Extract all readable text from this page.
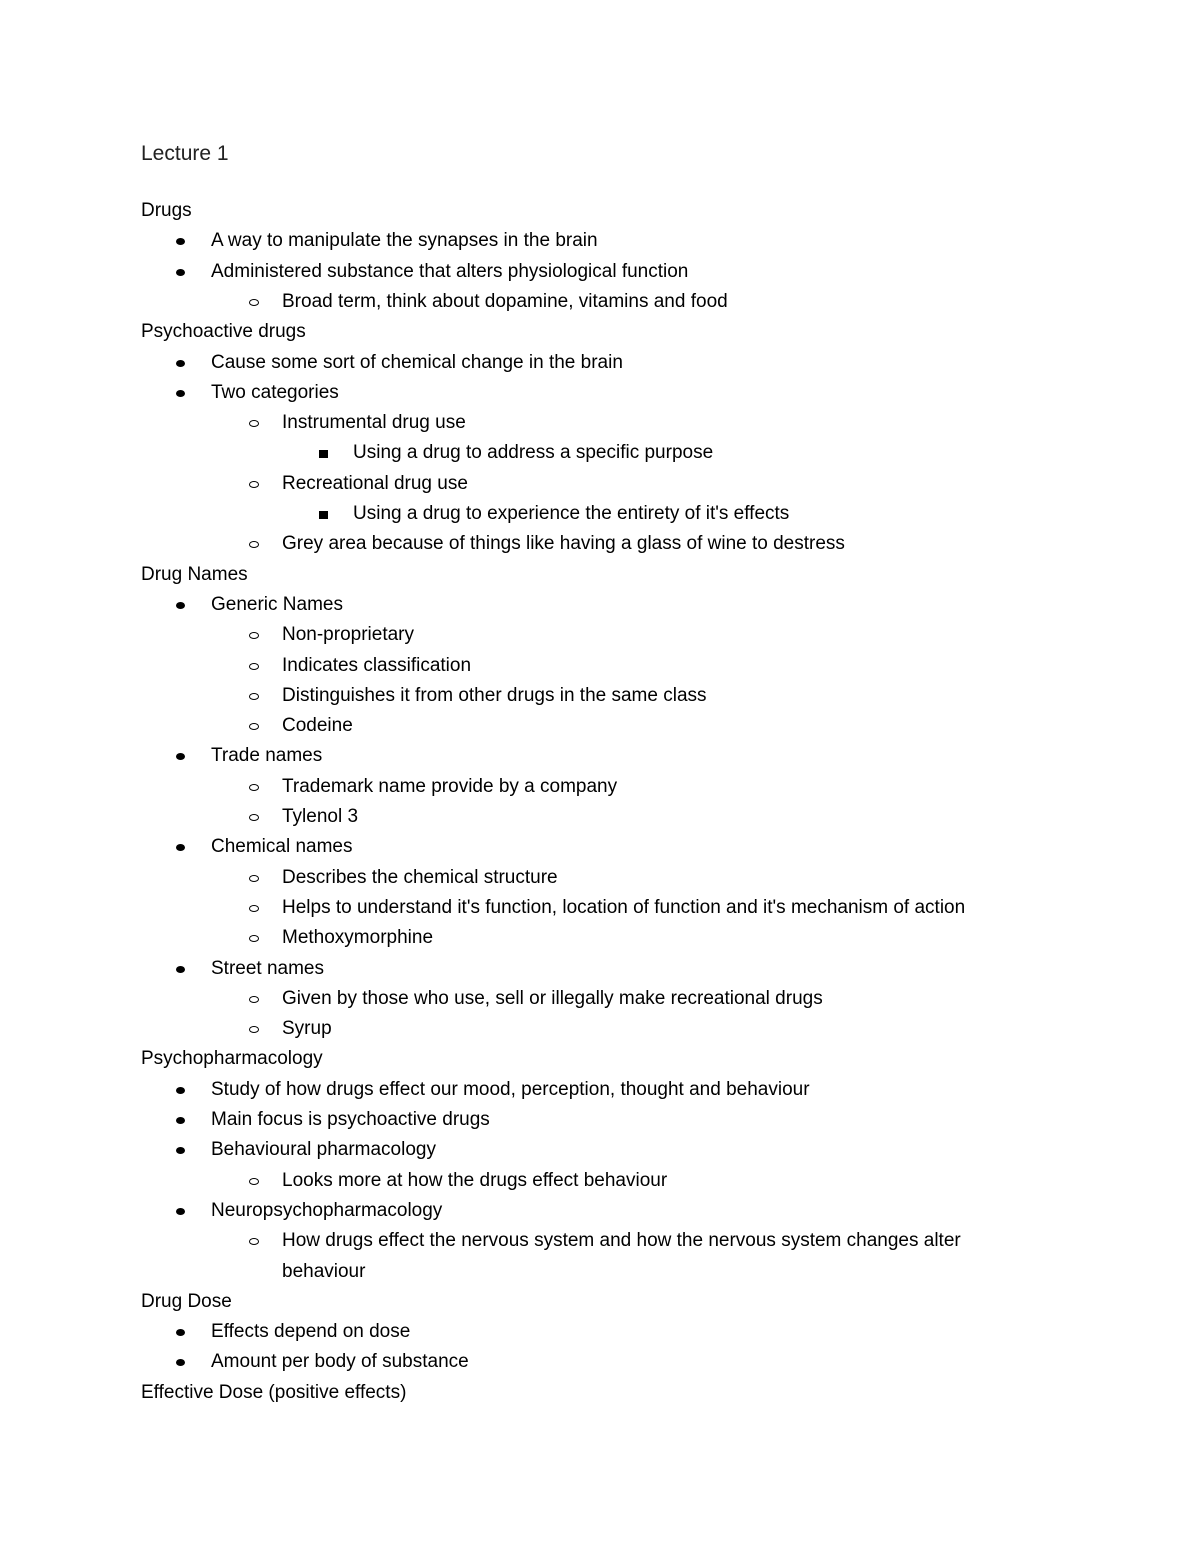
Lecture 1
Drugs
A way to manipulate the synapses in the brain
Administered substance that alters physiological function
Broad term, think about dopamine, vitamins and food
Psychoactive drugs
Cause some sort of chemical change in the brain
Two categories
Instrumental drug use
Using a drug to address a specific purpose
Recreational drug use
Using a drug to experience the entirety of it's effects
Grey area because of things like having a glass of wine to destress
Drug Names
Generic Names
Non-proprietary
Indicates classification
Distinguishes it from other drugs in the same class
Codeine
Trade names
Trademark name provide by a company
Tylenol 3
Chemical names
Describes the chemical structure
Helps to understand it's function, location of function and it's mechanism of action
Methoxymorphine
Street names
Given by those who use, sell or illegally make recreational drugs
Syrup
Psychopharmacology
Study of how drugs effect our mood, perception, thought and behaviour
Main focus is psychoactive drugs
Behavioural pharmacology
Looks more at how the drugs effect behaviour
Neuropsychopharmacology
How drugs effect the nervous system and how the nervous system changes alter
behaviour
Drug Dose
Effects depend on dose
Amount per body of substance
Effective Dose (positive effects)
